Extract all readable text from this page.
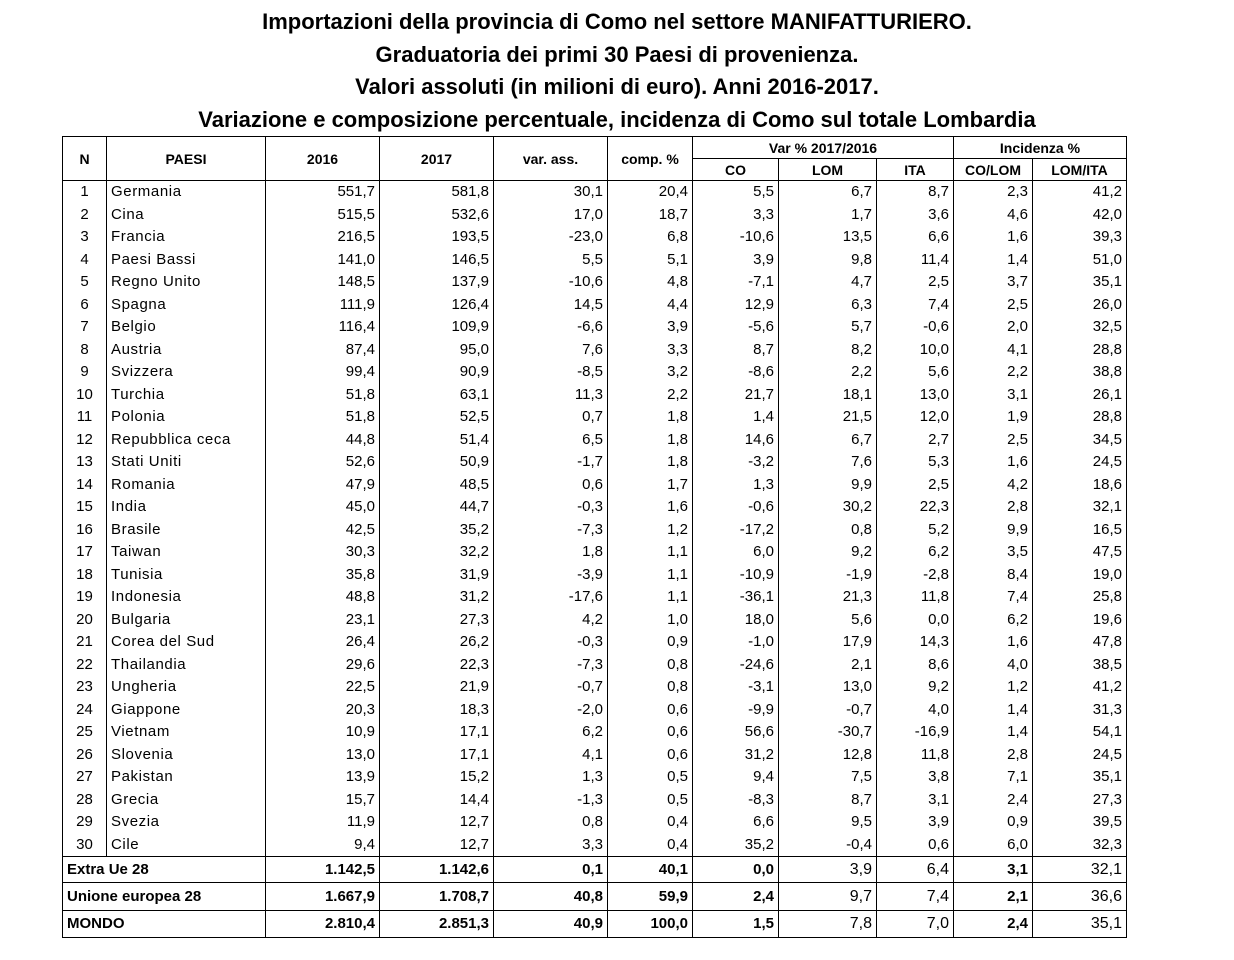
Importazioni della provincia di Como nel settore MANIFATTURIERO.
Graduatoria dei primi 30 Paesi di provenienza.
Valori assoluti (in milioni di euro). Anni 2016-2017.
Variazione e composizione percentuale, incidenza di Como sul totale Lombardia
N	PAESI	2016	2017	var. ass.	comp. %	Var % 2017/2016			Incidenza %	
						CO	LOM	ITA	CO/LOM	LOM/ITA
1	Germania	551,7	581,8	30,1	20,4	5,5	6,7	8,7	2,3	41,2
2	Cina	515,5	532,6	17,0	18,7	3,3	1,7	3,6	4,6	42,0
3	Francia	216,5	193,5	-23,0	6,8	-10,6	13,5	6,6	1,6	39,3
4	Paesi Bassi	141,0	146,5	5,5	5,1	3,9	9,8	11,4	1,4	51,0
5	Regno Unito	148,5	137,9	-10,6	4,8	-7,1	4,7	2,5	3,7	35,1
6	Spagna	111,9	126,4	14,5	4,4	12,9	6,3	7,4	2,5	26,0
7	Belgio	116,4	109,9	-6,6	3,9	-5,6	5,7	-0,6	2,0	32,5
8	Austria	87,4	95,0	7,6	3,3	8,7	8,2	10,0	4,1	28,8
9	Svizzera	99,4	90,9	-8,5	3,2	-8,6	2,2	5,6	2,2	38,8
10	Turchia	51,8	63,1	11,3	2,2	21,7	18,1	13,0	3,1	26,1
11	Polonia	51,8	52,5	0,7	1,8	1,4	21,5	12,0	1,9	28,8
12	Repubblica ceca	44,8	51,4	6,5	1,8	14,6	6,7	2,7	2,5	34,5
13	Stati Uniti	52,6	50,9	-1,7	1,8	-3,2	7,6	5,3	1,6	24,5
14	Romania	47,9	48,5	0,6	1,7	1,3	9,9	2,5	4,2	18,6
15	India	45,0	44,7	-0,3	1,6	-0,6	30,2	22,3	2,8	32,1
16	Brasile	42,5	35,2	-7,3	1,2	-17,2	0,8	5,2	9,9	16,5
17	Taiwan	30,3	32,2	1,8	1,1	6,0	9,2	6,2	3,5	47,5
18	Tunisia	35,8	31,9	-3,9	1,1	-10,9	-1,9	-2,8	8,4	19,0
19	Indonesia	48,8	31,2	-17,6	1,1	-36,1	21,3	11,8	7,4	25,8
20	Bulgaria	23,1	27,3	4,2	1,0	18,0	5,6	0,0	6,2	19,6
21	Corea del Sud	26,4	26,2	-0,3	0,9	-1,0	17,9	14,3	1,6	47,8
22	Thailandia	29,6	22,3	-7,3	0,8	-24,6	2,1	8,6	4,0	38,5
23	Ungheria	22,5	21,9	-0,7	0,8	-3,1	13,0	9,2	1,2	41,2
24	Giappone	20,3	18,3	-2,0	0,6	-9,9	-0,7	4,0	1,4	31,3
25	Vietnam	10,9	17,1	6,2	0,6	56,6	-30,7	-16,9	1,4	54,1
26	Slovenia	13,0	17,1	4,1	0,6	31,2	12,8	11,8	2,8	24,5
27	Pakistan	13,9	15,2	1,3	0,5	9,4	7,5	3,8	7,1	35,1
28	Grecia	15,7	14,4	-1,3	0,5	-8,3	8,7	3,1	2,4	27,3
29	Svezia	11,9	12,7	0,8	0,4	6,6	9,5	3,9	0,9	39,5
30	Cile	9,4	12,7	3,3	0,4	35,2	-0,4	0,6	6,0	32,3
Extra Ue 28		1.142,5	1.142,6	0,1	40,1	0,0	3,9	6,4	3,1	32,1
Unione europea 28		1.667,9	1.708,7	40,8	59,9	2,4	9,7	7,4	2,1	36,6
MONDO		2.810,4	2.851,3	40,9	100,0	1,5	7,8	7,0	2,4	35,1
